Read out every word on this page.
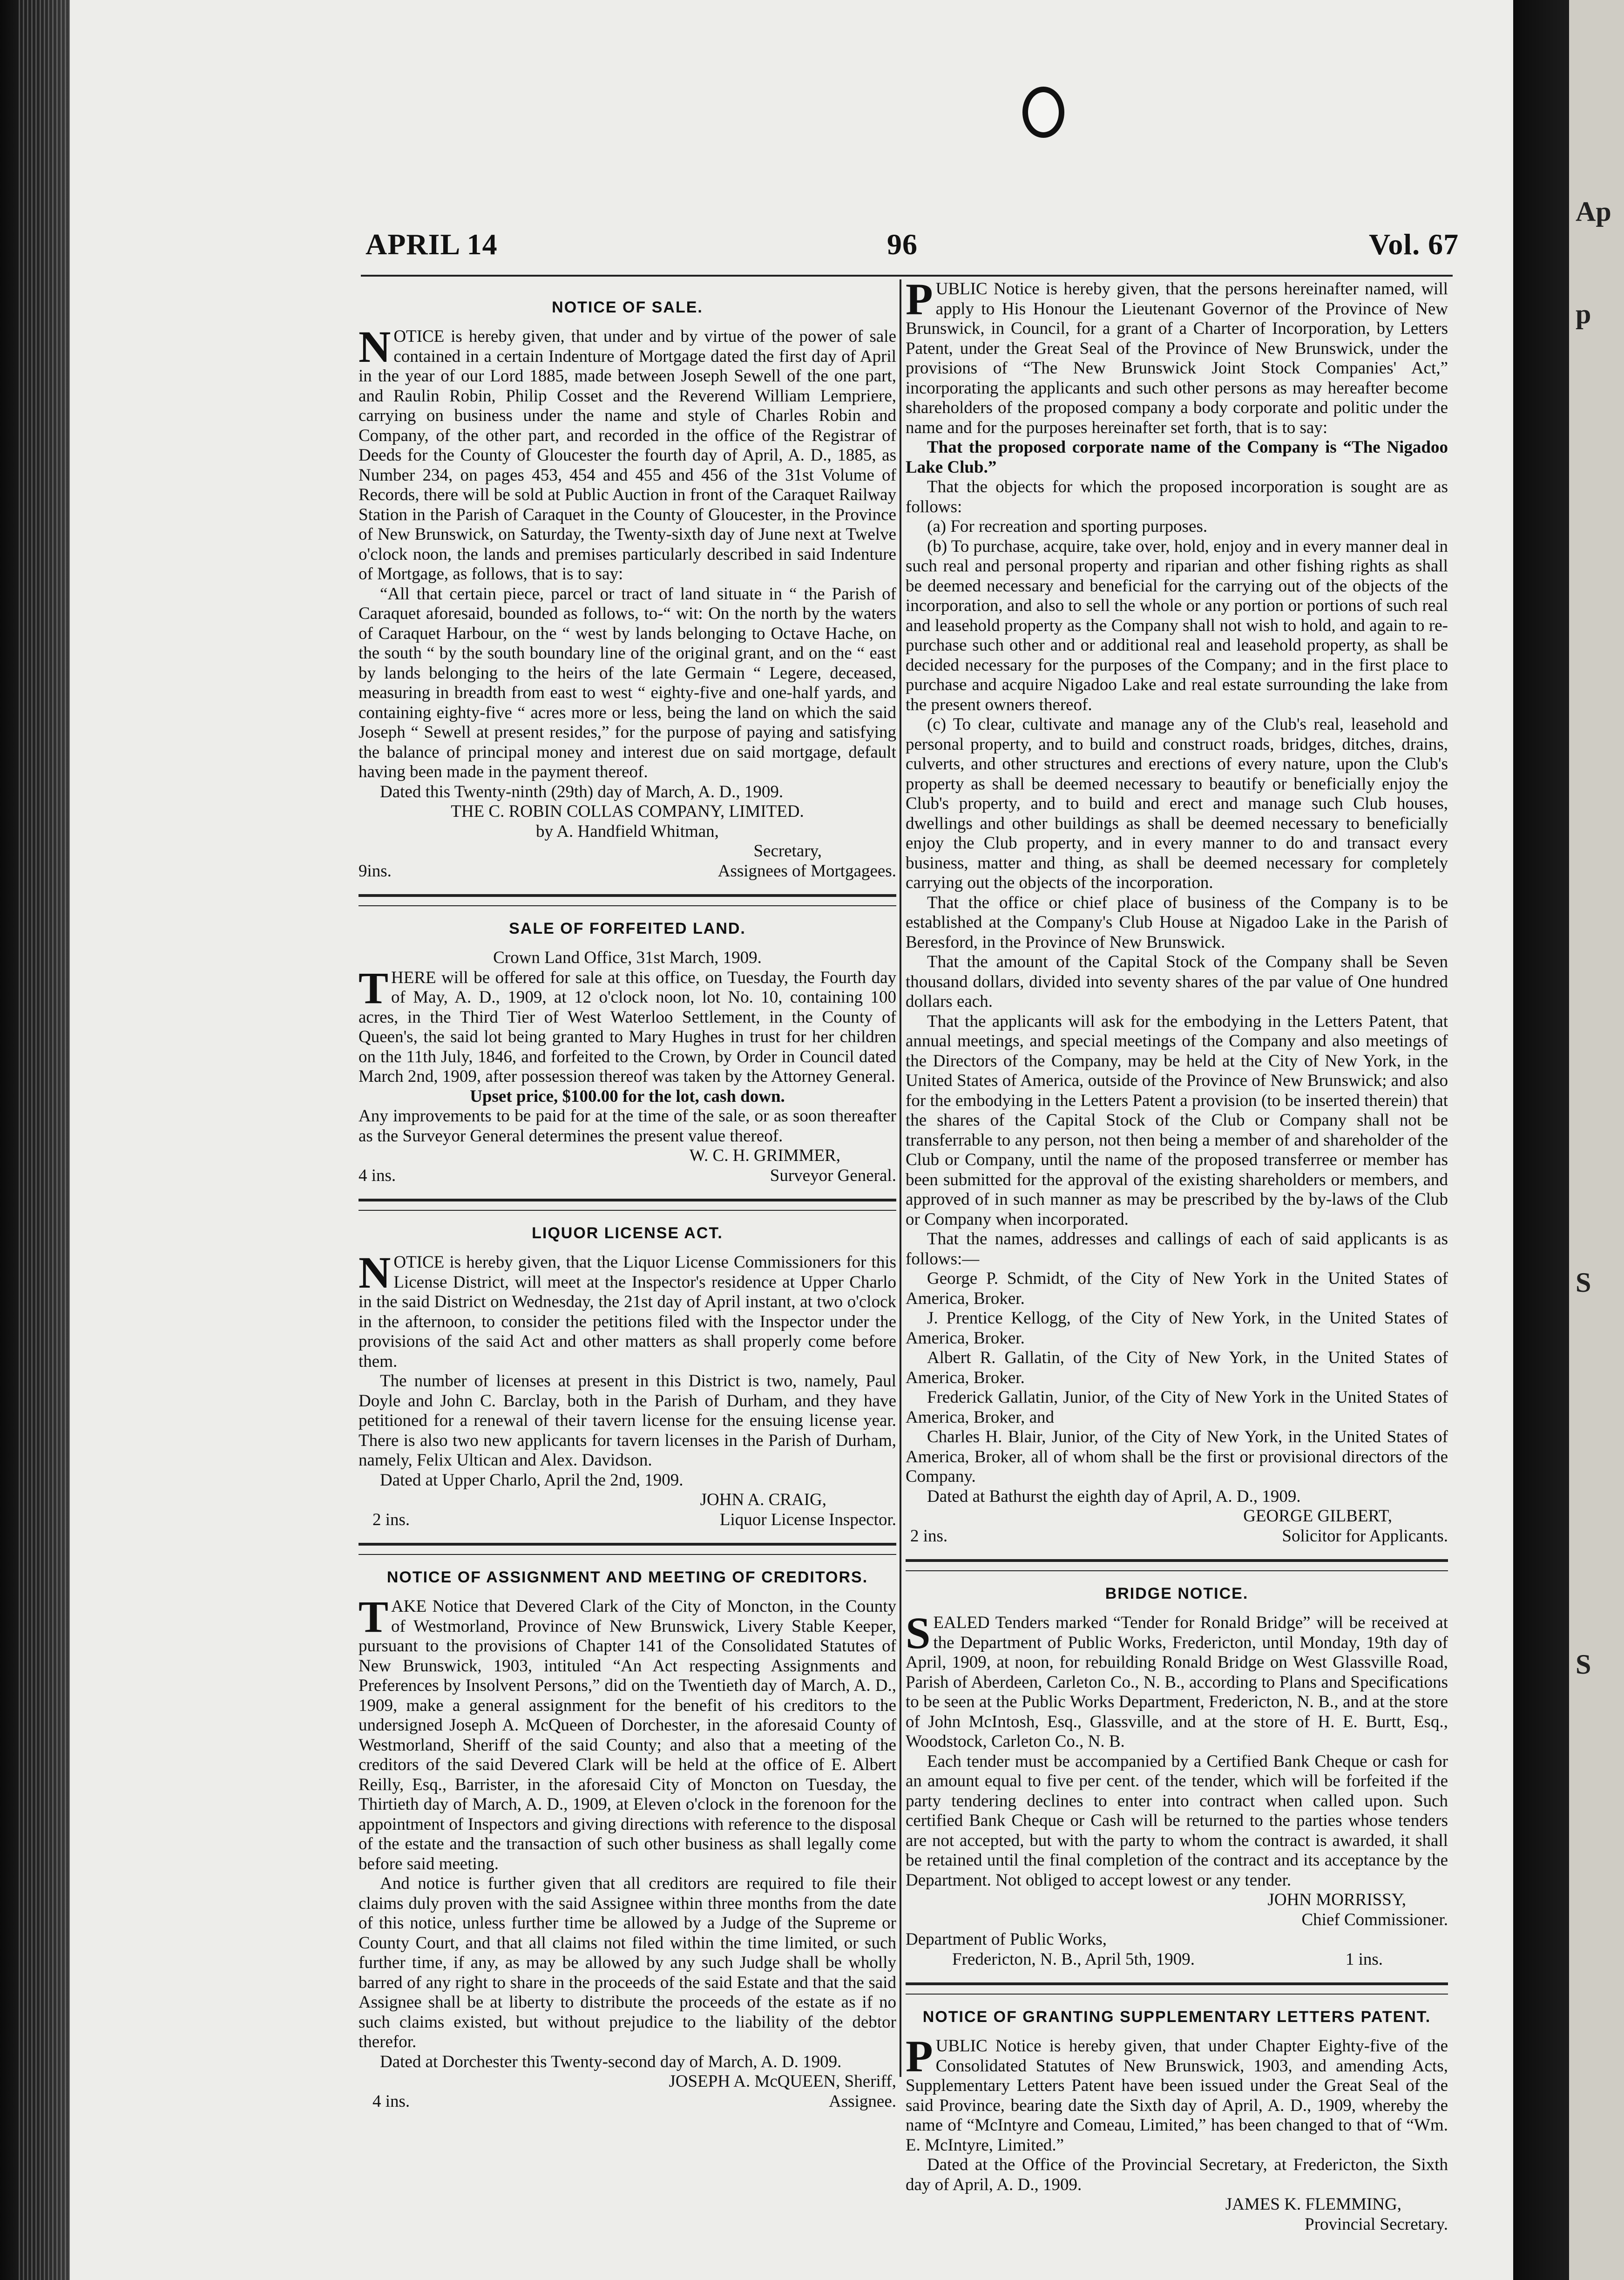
Ap
p
S
S
APRIL 14	96	Vol. 67
NOTICE OF SALE.

NOTICE is hereby given, that under and by virtue of the power of sale contained in a certain Indenture of Mortgage dated the first day of April in the year of our Lord 1885, made between Joseph Sewell of the one part, and Raulin Robin, Philip Cosset and the Reverend William Lempriere, carrying on business under the name and style of Charles Robin and Company, of the other part, and recorded in the office of the Registrar of Deeds for the County of Gloucester the fourth day of April, A. D., 1885, as Number 234, on pages 453, 454 and 455 and 456 of the 31st Volume of Records, there will be sold at Public Auction in front of the Caraquet Railway Station in the Parish of Caraquet in the County of Gloucester, in the Province of New Brunswick, on Saturday, the Twenty-sixth day of June next at Twelve o'clock noon, the lands and premises particularly described in said Indenture of Mortgage, as follows, that is to say:

“All that certain piece, parcel or tract of land situate in “ the Parish of Caraquet aforesaid, bounded as follows, to-“ wit: On the north by the waters of Caraquet Harbour, on the “ west by lands belonging to Octave Hache, on the south “ by the south boundary line of the original grant, and on the “ east by lands belonging to the heirs of the late Germain “ Legere, deceased, measuring in breadth from east to west “ eighty-five and one-half yards, and containing eighty-five “ acres more or less, being the land on which the said Joseph “ Sewell at present resides,” for the purpose of paying and satisfying the balance of principal money and interest due on said mortgage, default having been made in the payment thereof.

Dated this Twenty-ninth (29th) day of March, A. D., 1909.

THE C. ROBIN COLLAS COMPANY, LIMITED.

by A. Handfield Whitman,

Secretary,

9ins.	Assignees of Mortgagees.
SALE OF FORFEITED LAND.

Crown Land Office, 31st March, 1909.

THERE will be offered for sale at this office, on Tuesday, the Fourth day of May, A. D., 1909, at 12 o'clock noon, lot No. 10, containing 100 acres, in the Third Tier of West Waterloo Settlement, in the County of Queen's, the said lot being granted to Mary Hughes in trust for her children on the 11th July, 1846, and forfeited to the Crown, by Order in Council dated March 2nd, 1909, after possession thereof was taken by the Attorney General.

Upset price, $100.00 for the lot, cash down.

Any improvements to be paid for at the time of the sale, or as soon thereafter as the Surveyor General determines the present value thereof.

W. C. H. GRIMMER,

4 ins.	Surveyor General.
LIQUOR LICENSE ACT.

NOTICE is hereby given, that the Liquor License Commissioners for this License District, will meet at the Inspector's residence at Upper Charlo in the said District on Wednesday, the 21st day of April instant, at two o'clock in the afternoon, to consider the petitions filed with the Inspector under the provisions of the said Act and other matters as shall properly come before them.

The number of licenses at present in this District is two, namely, Paul Doyle and John C. Barclay, both in the Parish of Durham, and they have petitioned for a renewal of their tavern license for the ensuing license year. There is also two new applicants for tavern licenses in the Parish of Durham, namely, Felix Ultican and Alex. Davidson.

Dated at Upper Charlo, April the 2nd, 1909.

JOHN A. CRAIG,

2 ins.	Liquor License Inspector.
NOTICE OF ASSIGNMENT AND MEETING OF CREDITORS.

TAKE Notice that Devered Clark of the City of Moncton, in the County of Westmorland, Province of New Brunswick, Livery Stable Keeper, pursuant to the provisions of Chapter 141 of the Consolidated Statutes of New Brunswick, 1903, intituled “An Act respecting Assignments and Preferences by Insolvent Persons,” did on the Twentieth day of March, A. D., 1909, make a general assignment for the benefit of his creditors to the undersigned Joseph A. McQueen of Dorchester, in the aforesaid County of Westmorland, Sheriff of the said County; and also that a meeting of the creditors of the said Devered Clark will be held at the office of E. Albert Reilly, Esq., Barrister, in the aforesaid City of Moncton on Tuesday, the Thirtieth day of March, A. D., 1909, at Eleven o'clock in the forenoon for the appointment of Inspectors and giving directions with reference to the disposal of the estate and the transaction of such other business as shall legally come before said meeting.

And notice is further given that all creditors are required to file their claims duly proven with the said Assignee within three months from the date of this notice, unless further time be allowed by a Judge of the Supreme or County Court, and that all claims not filed within the time limited, or such further time, if any, as may be allowed by any such Judge shall be wholly barred of any right to share in the proceeds of the said Estate and that the said Assignee shall be at liberty to distribute the proceeds of the estate as if no such claims existed, but without prejudice to the liability of the debtor therefor.

Dated at Dorchester this Twenty-second day of March, A. D. 1909.

JOSEPH A. McQUEEN, Sheriff,

4 ins.	Assignee.

PUBLIC Notice is hereby given, that the persons hereinafter named, will apply to His Honour the Lieutenant Governor of the Province of New Brunswick, in Council, for a grant of a Charter of Incorporation, by Letters Patent, under the Great Seal of the Province of New Brunswick, under the provisions of “The New Brunswick Joint Stock Companies' Act,” incorporating the applicants and such other persons as may hereafter become shareholders of the proposed company a body corporate and politic under the name and for the purposes hereinafter set forth, that is to say:

That the proposed corporate name of the Company is “The Nigadoo Lake Club.”

That the objects for which the proposed incorporation is sought are as follows:

(a) For recreation and sporting purposes.

(b) To purchase, acquire, take over, hold, enjoy and in every manner deal in such real and personal property and riparian and other fishing rights as shall be deemed necessary and beneficial for the carrying out of the objects of the incorporation, and also to sell the whole or any portion or portions of such real and leasehold property as the Company shall not wish to hold, and again to re-purchase such other and or additional real and leasehold property, as shall be decided necessary for the purposes of the Company; and in the first place to purchase and acquire Nigadoo Lake and real estate surrounding the lake from the present owners thereof.

(c) To clear, cultivate and manage any of the Club's real, leasehold and personal property, and to build and construct roads, bridges, ditches, drains, culverts, and other structures and erections of every nature, upon the Club's property as shall be deemed necessary to beautify or beneficially enjoy the Club's property, and to build and erect and manage such Club houses, dwellings and other buildings as shall be deemed necessary to beneficially enjoy the Club property, and in every manner to do and transact every business, matter and thing, as shall be deemed necessary for completely carrying out the objects of the incorporation.

That the office or chief place of business of the Company is to be established at the Company's Club House at Nigadoo Lake in the Parish of Beresford, in the Province of New Brunswick.

That the amount of the Capital Stock of the Company shall be Seven thousand dollars, divided into seventy shares of the par value of One hundred dollars each.

That the applicants will ask for the embodying in the Letters Patent, that annual meetings, and special meetings of the Company and also meetings of the Directors of the Company, may be held at the City of New York, in the United States of America, outside of the Province of New Brunswick; and also for the embodying in the Letters Patent a provision (to be inserted therein) that the shares of the Capital Stock of the Club or Company shall not be transferrable to any person, not then being a member of and shareholder of the Club or Company, until the name of the proposed transferree or member has been submitted for the approval of the existing shareholders or members, and approved of in such manner as may be prescribed by the by-laws of the Club or Company when incorporated.

That the names, addresses and callings of each of said applicants is as follows:—

George P. Schmidt, of the City of New York in the United States of America, Broker.

J. Prentice Kellogg, of the City of New York, in the United States of America, Broker.

Albert R. Gallatin, of the City of New York, in the United States of America, Broker.

Frederick Gallatin, Junior, of the City of New York in the United States of America, Broker, and

Charles H. Blair, Junior, of the City of New York, in the United States of America, Broker, all of whom shall be the first or provisional directors of the Company.

Dated at Bathurst the eighth day of April, A. D., 1909.

GEORGE GILBERT,

2 ins.	Solicitor for Applicants.
BRIDGE NOTICE.

SEALED Tenders marked “Tender for Ronald Bridge” will be received at the Department of Public Works, Fredericton, until Monday, 19th day of April, 1909, at noon, for rebuilding Ronald Bridge on West Glassville Road, Parish of Aberdeen, Carleton Co., N. B., according to Plans and Specifications to be seen at the Public Works Department, Fredericton, N. B., and at the store of John McIntosh, Esq., Glassville, and at the store of H. E. Burtt, Esq., Woodstock, Carleton Co., N. B.

Each tender must be accompanied by a Certified Bank Cheque or cash for an amount equal to five per cent. of the tender, which will be forfeited if the party tendering declines to enter into contract when called upon. Such certified Bank Cheque or Cash will be returned to the parties whose tenders are not accepted, but with the party to whom the contract is awarded, it shall be retained until the final completion of the contract and its acceptance by the Department. Not obliged to accept lowest or any tender.

JOHN MORRISSY,

Chief Commissioner.

Department of Public Works,

Fredericton, N. B., April 5th, 1909.	1 ins.
NOTICE OF GRANTING SUPPLEMENTARY LETTERS PATENT.

PUBLIC Notice is hereby given, that under Chapter Eighty-five of the Consolidated Statutes of New Brunswick, 1903, and amending Acts, Supplementary Letters Patent have been issued under the Great Seal of the said Province, bearing date the Sixth day of April, A. D., 1909, whereby the name of “McIntyre and Comeau, Limited,” has been changed to that of “Wm. E. McIntyre, Limited.”

Dated at the Office of the Provincial Secretary, at Fredericton, the Sixth day of April, A. D., 1909.

JAMES K. FLEMMING,

Provincial Secretary.
